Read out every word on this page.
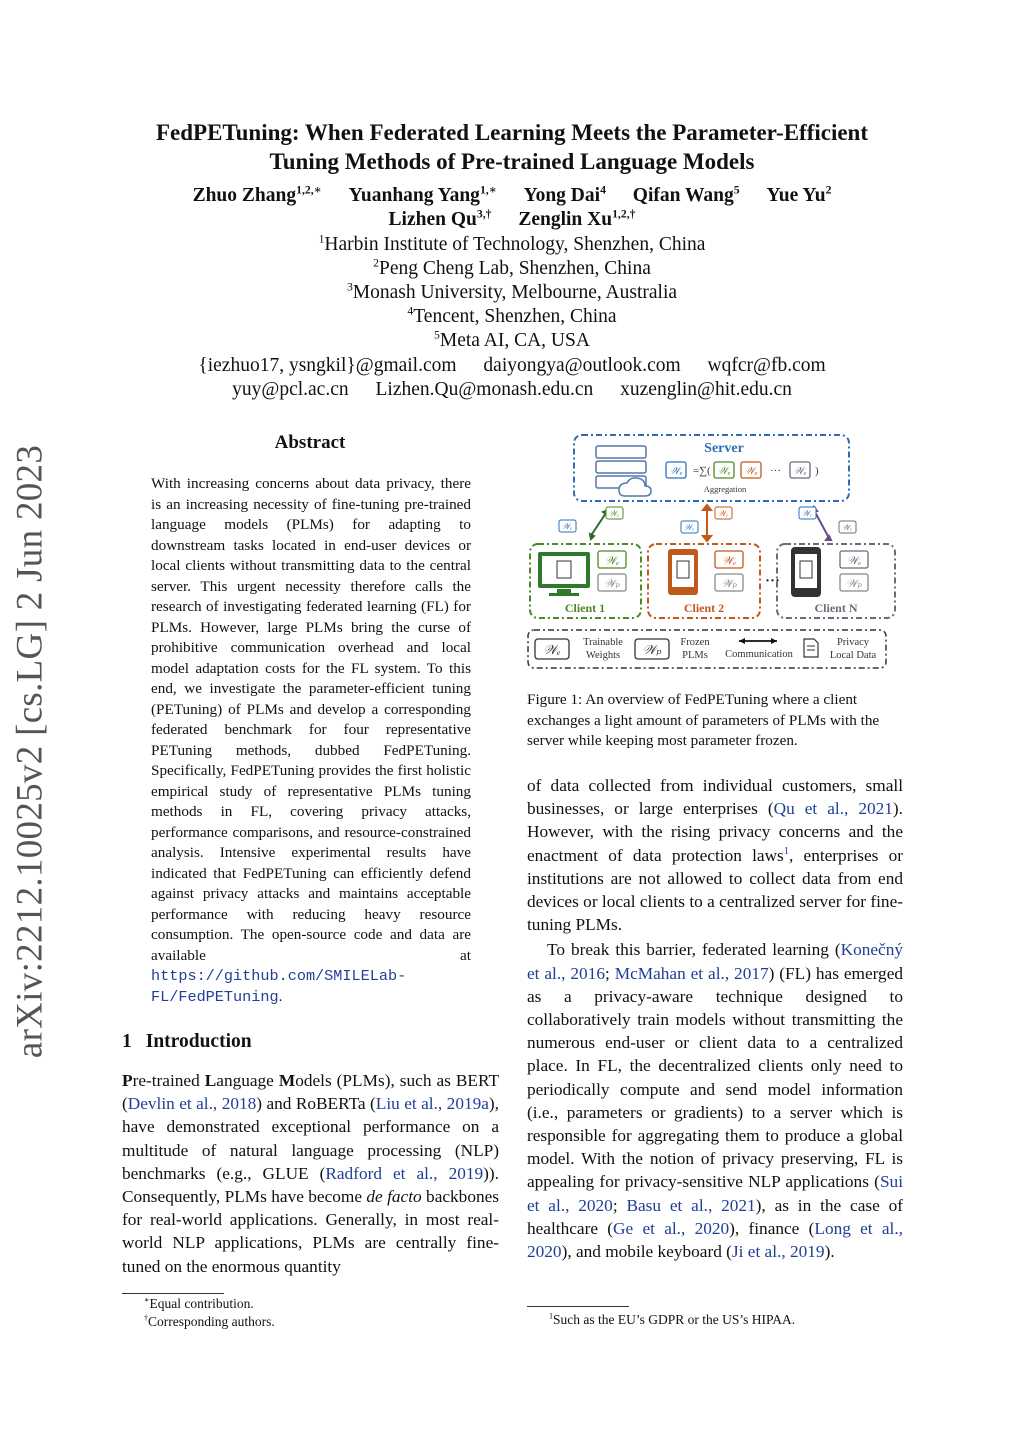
arXiv:2212.10025v2 [cs.LG] 2 Jun 2023
FedPETuning: When Federated Learning Meets the Parameter-Efficient
Tuning Methods of Pre-trained Language Models
Zhuo Zhang$^{1,2,∗}$ Yuanhang Yang$^{1,∗}$ Yong Dai$^4$ Qifan Wang$^5$ Yue Yu$^2$
Lizhen $Qu^{3,\dagger}$ Zenglin $Xu^{1,2,\dagger}$
$^1$Harbin Institute of Technology, Shenzhen, China
$^2$Peng Cheng Lab, Shenzhen, China
$^3$Monash University, Melbourne, Australia
$^4$Tencent, Shenzhen, China
$^5$Meta AI, CA, USA
{iezhuo17, ysngkil}@gmail.com daiyongya@outlook.com wqfcr@fb.com
yuy@pcl.ac.cn Lizhen.Qu@monash.edu.cn xuzenglin@hit.edu.cn
Abstract
With increasing concerns about data privacy, there is an increasing necessity of fine-tuning pre-trained language models (PLMs) for adapting to downstream tasks located in end-user devices or local clients without transmitting data to the central server. This urgent necessity therefore calls the research of investigating federated learning (FL) for PLMs. However, large PLMs bring the curse of prohibitive communication overhead and local model adaptation costs for the FL system. To this end, we investigate the parameter-efficient tuning (PETuning) of PLMs and develop a corresponding federated benchmark for four representative PETuning methods, dubbed FedPETuning. Specifically, FedPETuning provides the first holistic empirical study of representative PLMs tuning methods in FL, covering privacy attacks, performance comparisons, and resource-constrained analysis. Intensive experimental results have indicated that FedPETuning can efficiently defend against privacy attacks and maintains acceptable performance with reducing heavy resource consumption. The open-source code and data are available at https://github.com/SMILELab-FL/FedPETuning.
1 Introduction
Pre-trained Language Models (PLMs), such as BERT (Devlin et al., 2018) and RoBERTa (Liu et al., 2019a), have demonstrated exceptional performance on a multitude of natural language processing (NLP) benchmarks (e.g., GLUE (Radford et al., 2019)). Consequently, PLMs have become de facto backbones for real-world applications. Generally, in most real-world NLP applications, PLMs are centrally fine-tuned on the enormous quantity
∗Equal contribution.
†Corresponding authors.
Server
𝒲ₑ =∑( 𝒲ₑ 𝒲ₑ ··· 𝒲ₑ )
Aggregation
𝒲ₑ
𝒲ₑ
𝒲ₑ
𝒲ₑ	𝒲ₑ
𝒲ₑ
𝒲ₑ
𝒲ₚ
Client 1
𝒲ₑ
𝒲ₚ
Client 2
···
𝒲ₑ
𝒲ₚ
Client N
𝒲ₑ Trainable
Weights 𝒲ₚ Frozen
PLMs Communication
Privacy
Local Data
Figure 1: An overview of FedPETuning where a client exchanges a light amount of parameters of PLMs with the server while keeping most parameter frozen.

of data collected from individual customers, small businesses, or large enterprises (Qu et al., 2021). However, with the rising privacy concerns and the enactment of data protection laws$^1$, enterprises or institutions are not allowed to collect data from end devices or local clients to a centralized server for fine-tuning PLMs.

To break this barrier, federated learning (Konečný et al., 2016; McMahan et al., 2017) (FL) has emerged as a privacy-aware technique designed to collaboratively train models without transmitting the numerous end-user or client data to a centralized place. In FL, the decentralized clients only need to periodically compute and send model information (i.e., parameters or gradients) to a server which is responsible for aggregating them to produce a global model. With the notion of privacy preserving, FL is appealing for privacy-sensitive NLP applications (Sui et al., 2020; Basu et al., 2021), as in the case of healthcare (Ge et al., 2020), finance (Long et al., 2020), and mobile keyboard (Ji et al., 2019).

$^1$Such as the EU’s GDPR or the US’s HIPAA.
